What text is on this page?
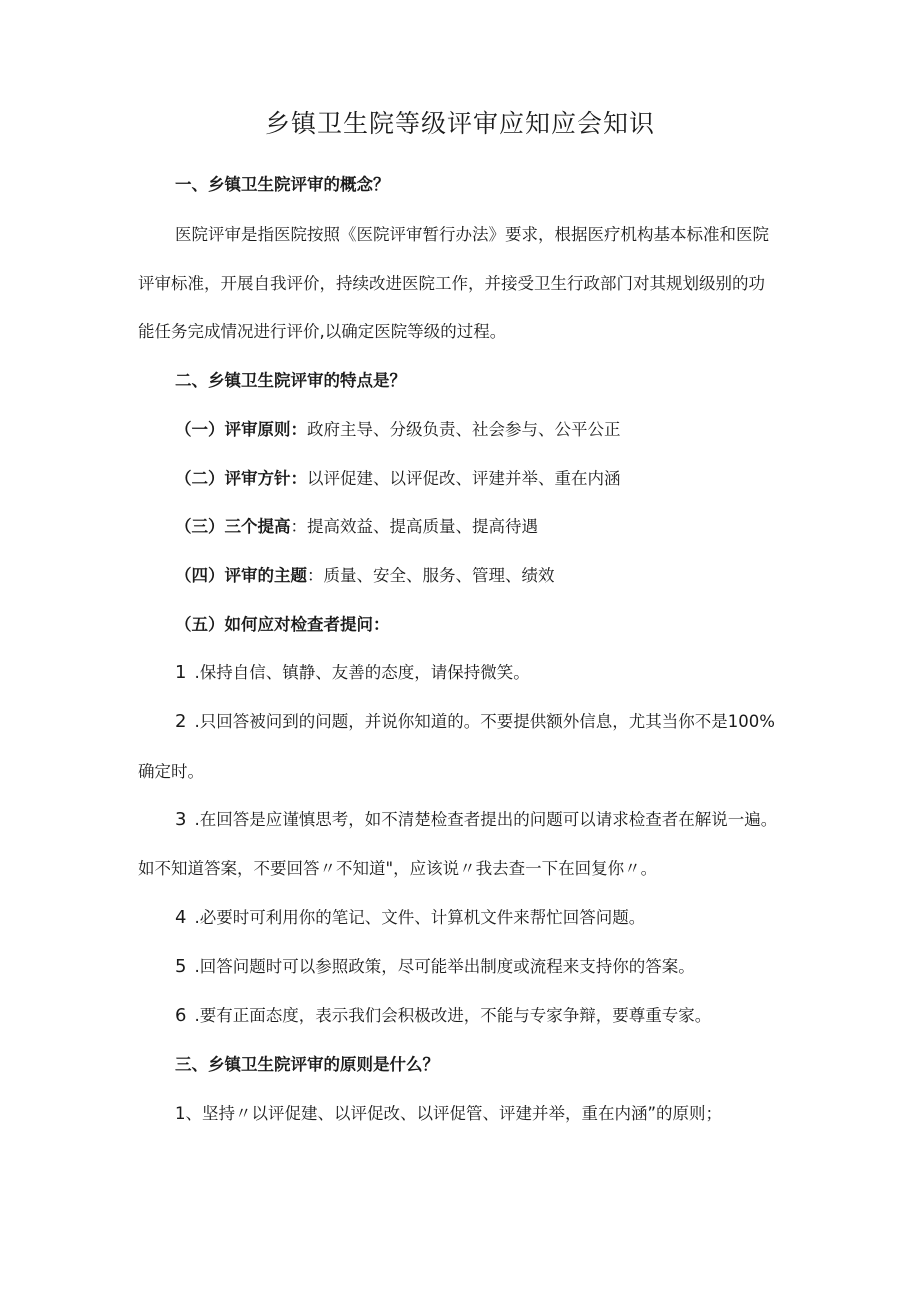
乡镇卫生院等级评审应知应会知识
一、乡镇卫生院评审的概念？
医院评审是指医院按照《医院评审暂行办法》要求，根据医疗机构基本标准和医院
评审标准，开展自我评价，持续改进医院工作，并接受卫生行政部门对其规划级别的功
能任务完成情况进行评价,以确定医院等级的过程。
二、乡镇卫生院评审的特点是？
（一）评审原则：政府主导、分级负责、社会参与、公平公正
（二）评审方针：以评促建、以评促改、评建并举、重在内涵
（三）三个提高：提高效益、提高质量、提高待遇
（四）评审的主题：质量、安全、服务、管理、绩效
（五）如何应对检查者提问：
1 .保持自信、镇静、友善的态度，请保持微笑。
2 .只回答被问到的问题，并说你知道的。不要提供额外信息，尤其当你不是100%
确定时。
3 .在回答是应谨慎思考，如不清楚检查者提出的问题可以请求检查者在解说一遍。
如不知道答案，不要回答〃不知道"，应该说〃我去查一下在回复你〃。
4 .必要时可利用你的笔记、文件、计算机文件来帮忙回答问题。
5 .回答问题时可以参照政策，尽可能举出制度或流程来支持你的答案。
6 .要有正面态度，表示我们会积极改进，不能与专家争辩，要尊重专家。
三、乡镇卫生院评审的原则是什么？
1、坚持〃以评促建、以评促改、以评促管、评建并举，重在内涵”的原则；
